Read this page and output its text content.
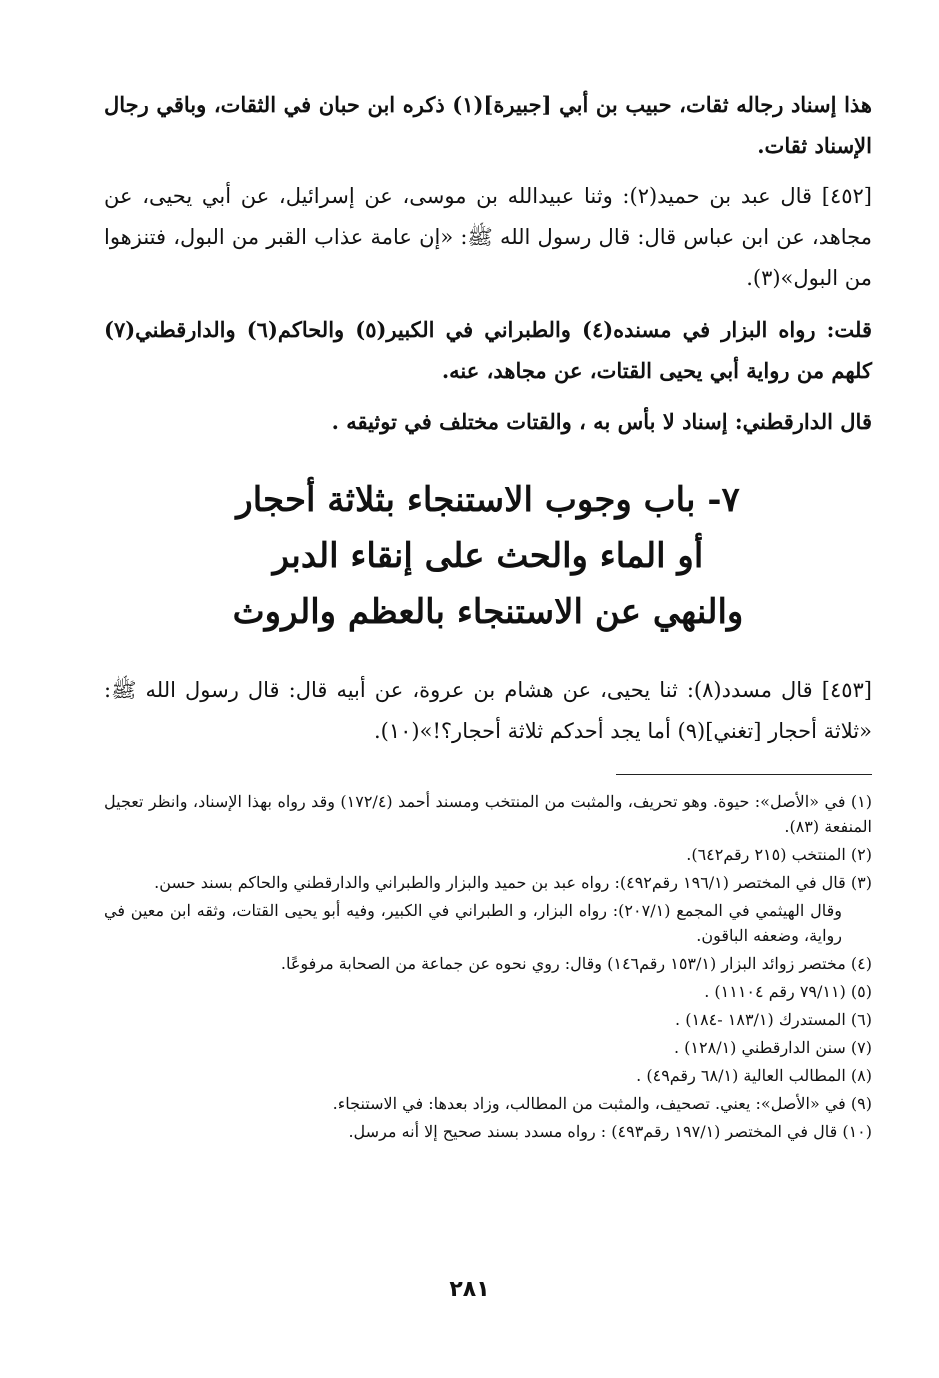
هذا إسناد رجاله ثقات، حبيب بن أبي [جبيرة](١) ذكره ابن حبان في الثقات، وباقي رجال الإسناد ثقات.

[٤٥٢] قال عبد بن حميد(٢): وثنا عبيدالله بن موسى، عن إسرائيل، عن أبي يحيى، عن مجاهد، عن ابن عباس قال: قال رسول الله ﷺ: «إن عامة عذاب القبر من البول، فتنزهوا من البول»(٣).

قلت: رواه البزار في مسنده(٤) والطبراني في الكبير(٥) والحاكم(٦) والدارقطني(٧) كلهم من رواية أبي يحيى القتات، عن مجاهد، عنه.

قال الدارقطني: إسناد لا بأس به ، والقتات مختلف في توثيقه .

٧- باب وجوب الاستنجاء بثلاثة أحجار

أو الماء والحث على إنقاء الدبر

والنهي عن الاستنجاء بالعظم والروث

[٤٥٣] قال مسدد(٨): ثنا يحيى، عن هشام بن عروة، عن أبيه قال: قال رسول الله ﷺ: «ثلاثة أحجار [تغني](٩) أما يجد أحدكم ثلاثة أحجار؟!»(١٠).

(١) في «الأصل»: حيوة. وهو تحريف، والمثبت من المنتخب ومسند أحمد (١٧٢/٤) وقد رواه بهذا الإسناد، وانظر تعجيل المنفعة (٨٣).

(٢) المنتخب (٢١٥ رقم٦٤٢).

(٣) قال في المختصر (١٩٦/١ رقم٤٩٢): رواه عبد بن حميد والبزار والطبراني والدارقطني والحاكم بسند حسن.

وقال الهيثمي في المجمع (٢٠٧/١): رواه البزار، و الطبراني في الكبير، وفيه أبو يحيى القتات، وثقه ابن معين في رواية، وضعفه الباقون.

(٤) مختصر زوائد البزار (١٥٣/١ رقم١٤٦) وقال: روي نحوه عن جماعة من الصحابة مرفوعًا.

(٥) (٧٩/١١ رقم ١١١٠٤) .

(٦) المستدرك (١٨٣/١ -١٨٤) .

(٧) سنن الدارقطني (١٢٨/١) .

(٨) المطالب العالية (٦٨/١ رقم٤٩) .

(٩) في «الأصل»: يعني. تصحيف، والمثبت من المطالب، وزاد بعدها: في الاستنجاء.

(١٠) قال في المختصر (١٩٧/١ رقم٤٩٣) : رواه مسدد بسند صحيح إلا أنه مرسل.

٢٨١
